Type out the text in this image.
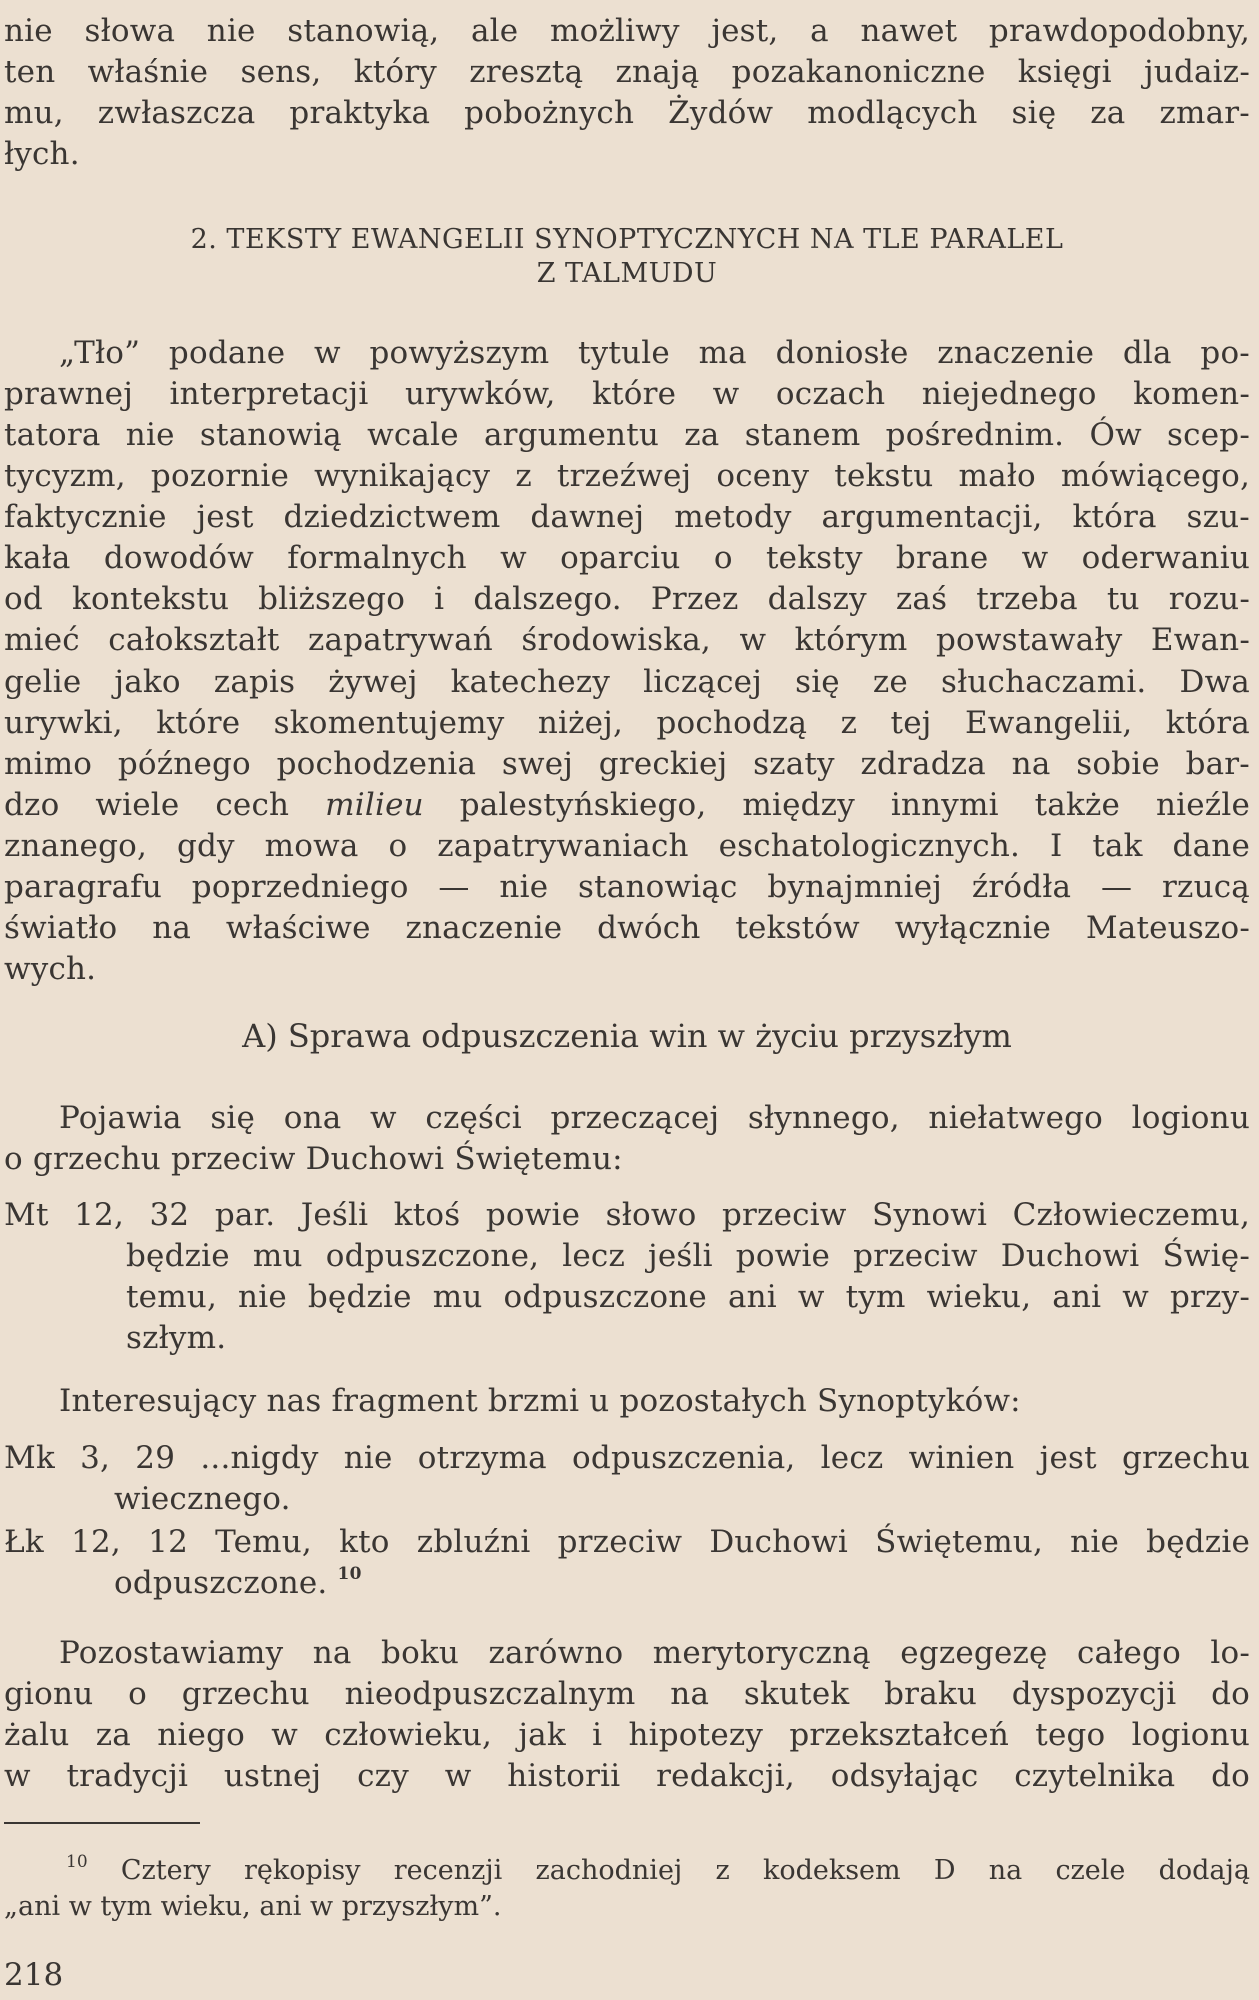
nie słowa nie stanowią, ale możliwy jest, a nawet prawdopodobny,
ten właśnie sens, który zresztą znają pozakanoniczne księgi judaiz-
mu, zwłaszcza praktyka pobożnych Żydów modlących się za zmar-
łych.
2. TEKSTY EWANGELII SYNOPTYCZNYCH NA TLE PARALEL
Z TALMUDU
„Tło” podane w powyższym tytule ma doniosłe znaczenie dla po-
prawnej interpretacji urywków, które w oczach niejednego komen-
tatora nie stanowią wcale argumentu za stanem pośrednim. Ów scep-
tycyzm, pozornie wynikający z trzeźwej oceny tekstu mało mówiącego,
faktycznie jest dziedzictwem dawnej metody argumentacji, która szu-
kała dowodów formalnych w oparciu o teksty brane w oderwaniu
od kontekstu bliższego i dalszego. Przez dalszy zaś trzeba tu rozu-
mieć całokształt zapatrywań środowiska, w którym powstawały Ewan-
gelie jako zapis żywej katechezy liczącej się ze słuchaczami. Dwa
urywki, które skomentujemy niżej, pochodzą z tej Ewangelii, która
mimo późnego pochodzenia swej greckiej szaty zdradza na sobie bar-
dzo wiele cech milieu palestyńskiego, między innymi także nieźle
znanego, gdy mowa o zapatrywaniach eschatologicznych. I tak dane
paragrafu poprzedniego — nie stanowiąc bynajmniej źródła — rzucą
światło na właściwe znaczenie dwóch tekstów wyłącznie Mateuszo-
wych.
A) Sprawa odpuszczenia win w życiu przyszłym
Pojawia się ona w części przeczącej słynnego, niełatwego logionu
o grzechu przeciw Duchowi Świętemu:
Mt 12, 32 par. Jeśli ktoś powie słowo przeciw Synowi Człowieczemu,
będzie mu odpuszczone, lecz jeśli powie przeciw Duchowi Świę-
temu, nie będzie mu odpuszczone ani w tym wieku, ani w przy-
szłym.
Interesujący nas fragment brzmi u pozostałych Synoptyków:
Mk 3, 29 ...nigdy nie otrzyma odpuszczenia, lecz winien jest grzechu
wiecznego.
Łk 12, 12 Temu, kto zbluźni przeciw Duchowi Świętemu, nie będzie
odpuszczone. $^{10}$
Pozostawiamy na boku zarówno merytoryczną egzegezę całego lo-
gionu o grzechu nieodpuszczalnym na skutek braku dyspozycji do
żalu za niego w człowieku, jak i hipotezy przekształceń tego logionu
w tradycji ustnej czy w historii redakcji, odsyłając czytelnika do
$^{10}$ Cztery rękopisy recenzji zachodniej z kodeksem D na czele dodają
„ani w tym wieku, ani w przyszłym”.
218
